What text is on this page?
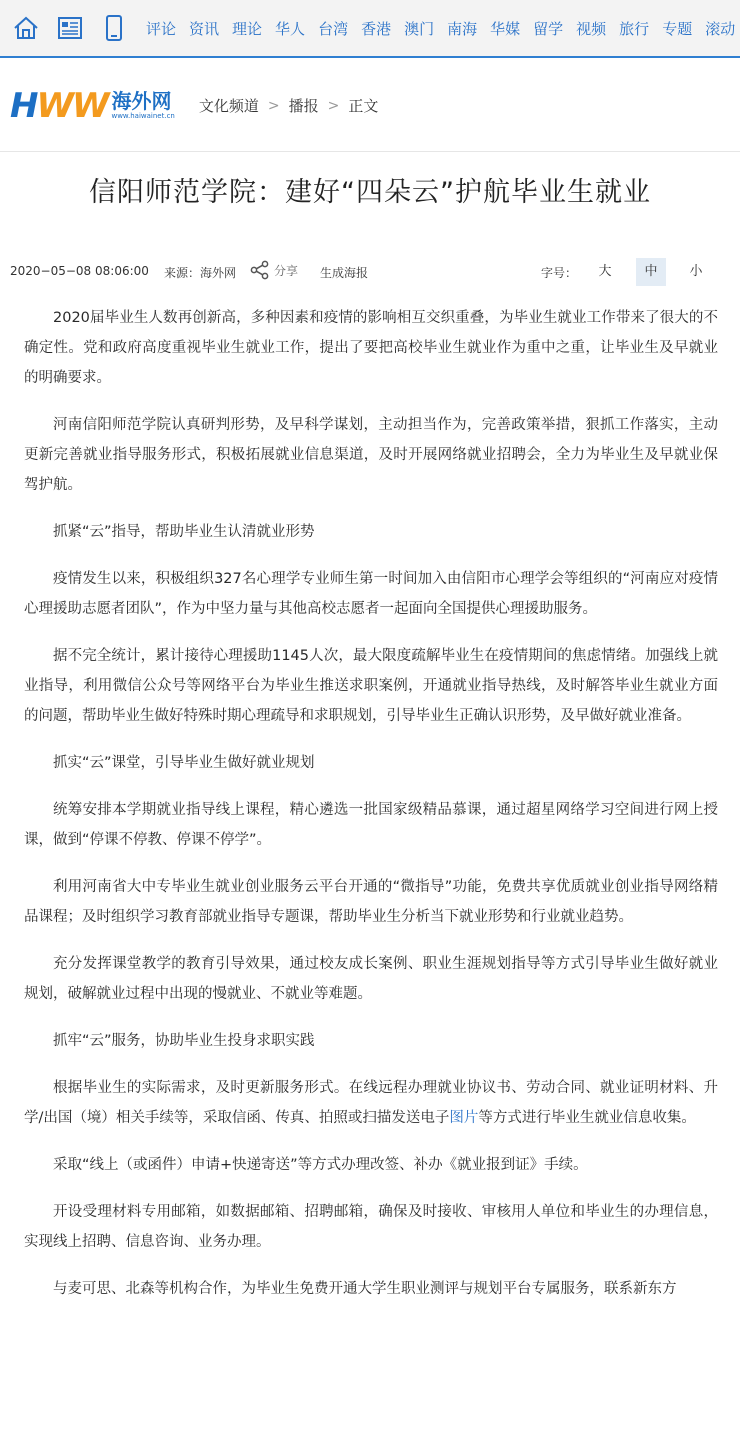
评论 资讯 理论 华人 台湾 香港 澳门 南海 华媒 留学 视频 旅行 专题 滚动
HWW 海外网
www.haiwainet.cn
文化频道 > 播报 > 正文
信阳师范学院：建好“四朵云”护航毕业生就业
2020−05−08 08:06:00 来源：海外网	分享 生成海报	字号：	大	中	小

2020届毕业生人数再创新高，多种因素和疫情的影响相互交织重叠，为毕业生就业工作带来了很大的不确定性。党和政府高度重视毕业生就业工作，提出了要把高校毕业生就业作为重中之重，让毕业生及早就业的明确要求。

河南信阳师范学院认真研判形势，及早科学谋划，主动担当作为，完善政策举措，狠抓工作落实，主动更新完善就业指导服务形式，积极拓展就业信息渠道，及时开展网络就业招聘会，全力为毕业生及早就业保驾护航。

抓紧“云”指导，帮助毕业生认清就业形势

疫情发生以来，积极组织327名心理学专业师生第一时间加入由信阳市心理学会等组织的“河南应对疫情心理援助志愿者团队”，作为中坚力量与其他高校志愿者一起面向全国提供心理援助服务。

据不完全统计，累计接待心理援助1145人次，最大限度疏解毕业生在疫情期间的焦虑情绪。加强线上就业指导，利用微信公众号等网络平台为毕业生推送求职案例，开通就业指导热线，及时解答毕业生就业方面的问题，帮助毕业生做好特殊时期心理疏导和求职规划，引导毕业生正确认识形势，及早做好就业准备。

抓实“云”课堂，引导毕业生做好就业规划

统筹安排本学期就业指导线上课程，精心遴选一批国家级精品慕课，通过超星网络学习空间进行网上授课，做到“停课不停教、停课不停学”。

利用河南省大中专毕业生就业创业服务云平台开通的“微指导”功能，免费共享优质就业创业指导网络精品课程；及时组织学习教育部就业指导专题课，帮助毕业生分析当下就业形势和行业就业趋势。

充分发挥课堂教学的教育引导效果，通过校友成长案例、职业生涯规划指导等方式引导毕业生做好就业规划，破解就业过程中出现的慢就业、不就业等难题。

抓牢“云”服务，协助毕业生投身求职实践

根据毕业生的实际需求，及时更新服务形式。在线远程办理就业协议书、劳动合同、就业证明材料、升学/出国（境）相关手续等，采取信函、传真、拍照或扫描发送电子图片等方式进行毕业生就业信息收集。

采取“线上（或函件）申请+快递寄送”等方式办理改签、补办《就业报到证》手续。

开设受理材料专用邮箱，如数据邮箱、招聘邮箱，确保及时接收、审核用人单位和毕业生的办理信息，实现线上招聘、信息咨询、业务办理。

与麦可思、北森等机构合作，为毕业生免费开通大学生职业测评与规划平台专属服务，联系新东方
